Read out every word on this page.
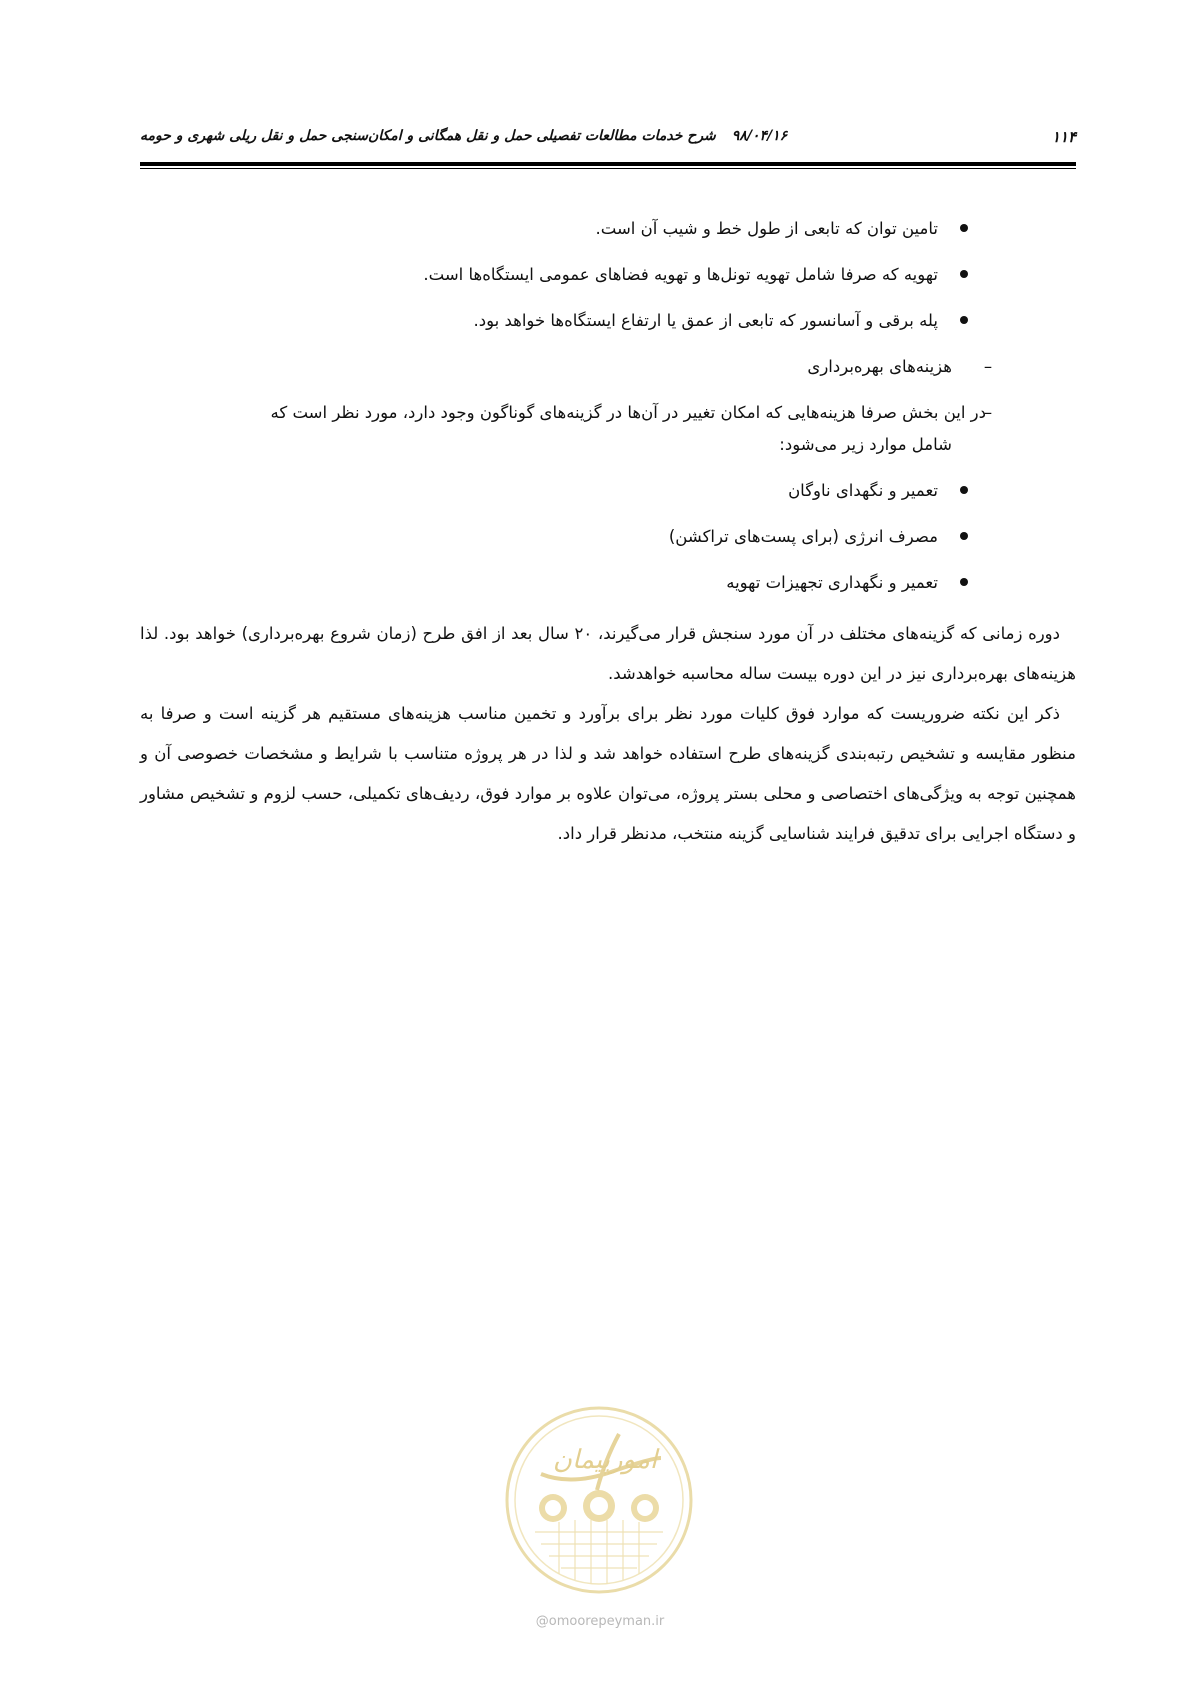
۱۱۴
۹۸/۰۴/۱۶شرح خدمات مطالعات تفصیلی حمل و نقل همگانی و امکان‌سنجی حمل و نقل ریلی شهری و حومه
تامین توان که تابعی از طول خط و شیب آن است.
تهویه که صرفا شامل تهویه تونل‌ها و تهویه فضاهای عمومی ایستگاه‌ها است.
پله برقی و آسانسور که تابعی از عمق یا ارتفاع ایستگاه‌ها خواهد بود.
–
هزینه‌های بهره‌برداری
–
در این بخش صرفا هزینه‌هایی که امکان تغییر در آن‌ها در گزینه‌های گوناگون وجود دارد، مورد نظر است که
شامل موارد زیر می‌شود:
تعمیر و نگهدای ناوگان
مصرف انرژی (برای پست‌های تراکشن)
تعمیر و نگهداری تجهیزات تهویه
دوره زمانی که گزینه‌های مختلف در آن مورد سنجش قرار می‌گیرند، ۲۰ سال بعد از افق طرح (زمان شروع بهره‌برداری) خواهد بود. لذا هزینه‌های بهره‌برداری نیز در این دوره بیست ساله محاسبه خواهدشد.
ذکر این نکته ضروریست که موارد فوق کلیات مورد نظر برای برآورد و تخمین مناسب هزینه‌های مستقیم هر گزینه است و صرفا به منظور مقایسه و تشخیص رتبه‌بندی گزینه‌های طرح استفاده خواهد شد و لذا در هر پروژه متناسب با شرایط و مشخصات خصوصی آن و همچنین توجه به ویژگی‌های اختصاصی و محلی بستر پروژه، می‌توان علاوه بر موارد فوق، ردیف‌های تکمیلی، حسب لزوم و تشخیص مشاور و دستگاه اجرایی برای تدقیق فرایند شناسایی گزینه منتخب، مدنظر قرار داد.
امورپیمان
@omoorepeyman.ir
